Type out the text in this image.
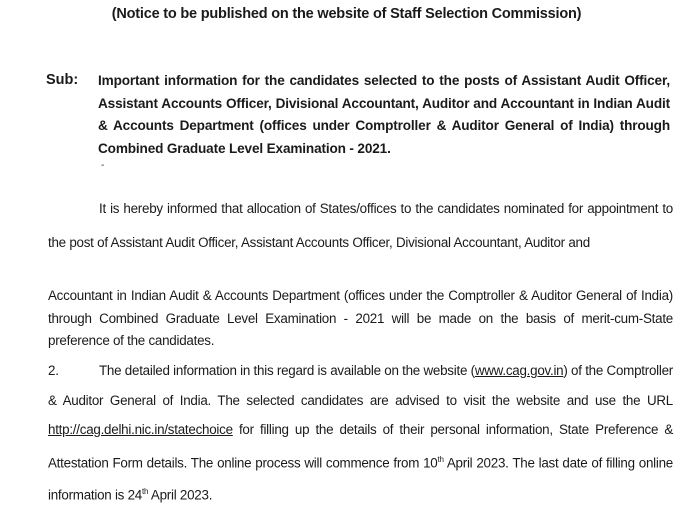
(Notice to be published on the website of Staff Selection Commission)
Sub: Important information for the candidates selected to the posts of Assistant Audit Officer, Assistant Accounts Officer, Divisional Accountant, Auditor and Accountant in Indian Audit & Accounts Department (offices under Comptroller & Auditor General of India) through Combined Graduate Level Examination - 2021.
-
It is hereby informed that allocation of States/offices to the candidates nominated for appointment to the post of Assistant Audit Officer, Assistant Accounts Officer, Divisional Accountant, Auditor and
Accountant in Indian Audit & Accounts Department (offices under the Comptroller & Auditor General of India) through Combined Graduate Level Examination - 2021 will be made on the basis of merit-cum-State preference of the candidates.
2.	The detailed information in this regard is available on the website (www.cag.gov.in) of the Comptroller & Auditor General of India. The selected candidates are advised to visit the website and use the URL http://cag.delhi.nic.in/statechoice for filling up the details of their personal information, State Preference & Attestation Form details. The online process will commence from 10th April 2023. The last date of filling online information is 24th April 2023.
